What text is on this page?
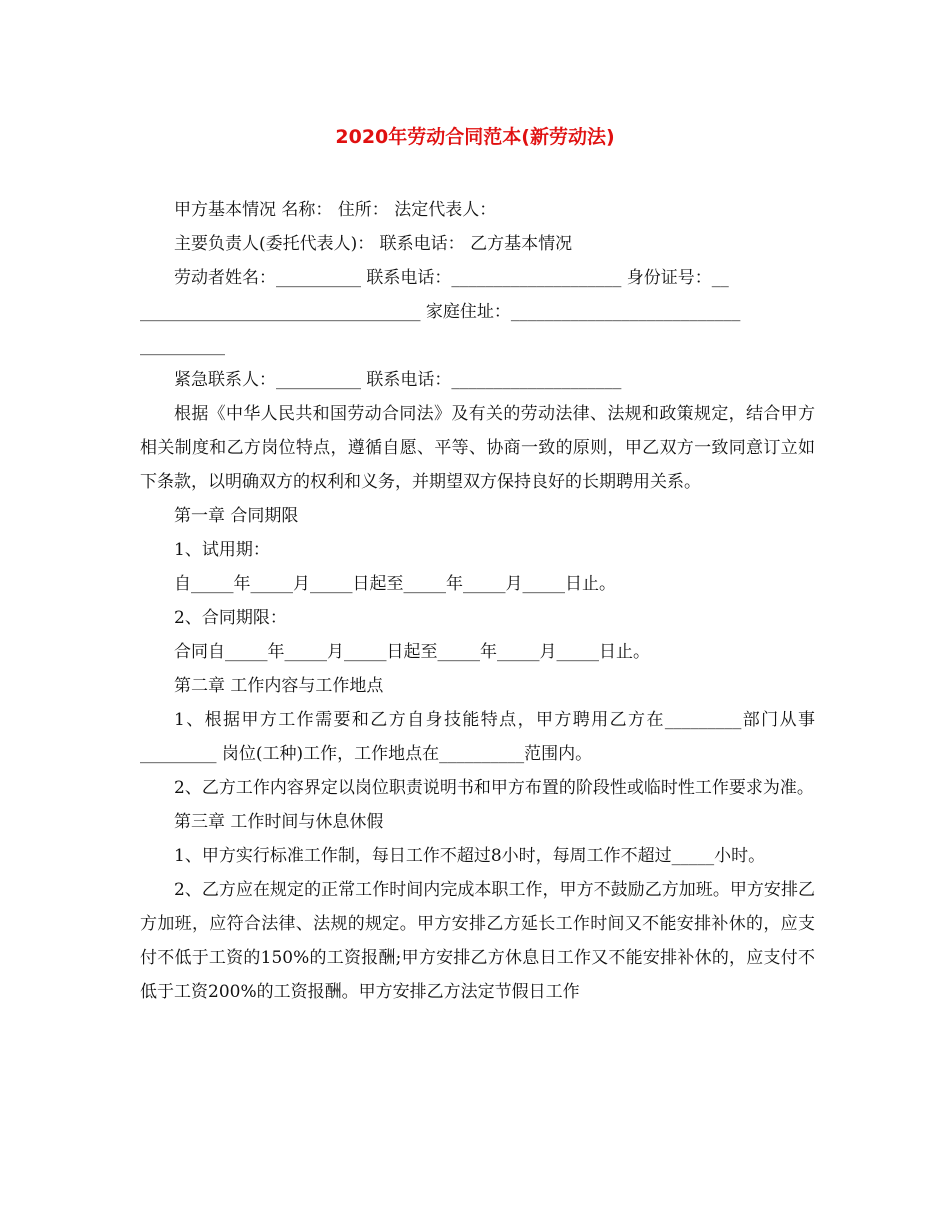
2020年劳动合同范本(新劳动法)

甲方基本情况 名称： 住所： 法定代表人：

主要负责人(委托代表人)： 联系电话： 乙方基本情况

劳动者姓名：__________ 联系电话：____________________ 身份证号：__

_________________________________ 家庭住址：___________________________

__________

紧急联系人：__________ 联系电话：____________________

根据《中华人民共和国劳动合同法》及有关的劳动法律、法规和政策规定，结合甲方相关制度和乙方岗位特点，遵循自愿、平等、协商一致的原则，甲乙双方一致同意订立如下条款，以明确双方的权利和义务，并期望双方保持良好的长期聘用关系。

第一章 合同期限

1、试用期：

自_____年_____月_____日起至_____年_____月_____日止。

2、合同期限：

合同自_____年_____月_____日起至_____年_____月_____日止。

第二章 工作内容与工作地点

1、根据甲方工作需要和乙方自身技能特点，甲方聘用乙方在_________部门从事_________ 岗位(工种)工作，工作地点在__________范围内。

2、乙方工作内容界定以岗位职责说明书和甲方布置的阶段性或临时性工作要求为准。

第三章 工作时间与休息休假

1、甲方实行标准工作制，每日工作不超过8小时，每周工作不超过_____小时。

2、乙方应在规定的正常工作时间内完成本职工作，甲方不鼓励乙方加班。甲方安排乙方加班，应符合法律、法规的规定。甲方安排乙方延长工作时间又不能安排补休的，应支付不低于工资的150%的工资报酬;甲方安排乙方休息日工作又不能安排补休的，应支付不低于工资200%的工资报酬。甲方安排乙方法定节假日工作
